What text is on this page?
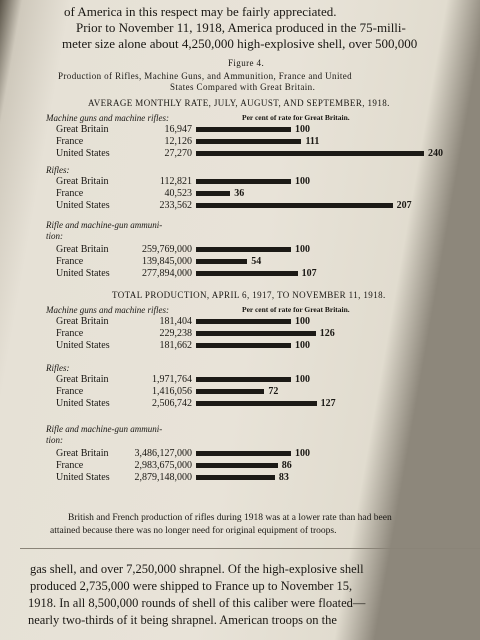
of America in this respect may be fairly appreciated.
Prior to November 11, 1918, America produced in the 75-milli-
meter size alone about 4,250,000 high-explosive shell, over 500,000
Figure 4.
Production of Rifles, Machine Guns, and Ammunition, France and United
States Compared with Great Britain.
AVERAGE MONTHLY RATE, JULY, AUGUST, AND SEPTEMBER, 1918.
Machine guns and machine rifles:	Per cent of rate for Great Britain.
Great Britain	16,947	100
France	12,126	111
United States	27,270	240
Rifles:
Great Britain	112,821	100
France	40,523	36
United States	233,562	207
Rifle and machine-gun ammuni-
tion:
Great Britain	259,769,000	100
France	139,845,000	54
United States	277,894,000	107
TOTAL PRODUCTION, APRIL 6, 1917, TO NOVEMBER 11, 1918.
Machine guns and machine rifles:	Per cent of rate for Great Britain.
Great Britain	181,404	100
France	229,238	126
United States	181,662	100
Rifles:
Great Britain	1,971,764	100
France	1,416,056	72
United States	2,506,742	127
Rifle and machine-gun ammuni-
tion:
Great Britain	3,486,127,000	100
France	2,983,675,000	86
United States	2,879,148,000	83
British and French production of rifles during 1918 was at a lower rate than had been
attained because there was no longer need for original equipment of troops.
gas shell, and over 7,250,000 shrapnel. Of the high-explosive shell
produced 2,735,000 were shipped to France up to November 15,
1918. In all 8,500,000 rounds of shell of this caliber were floated—
nearly two-thirds of it being shrapnel. American troops on the
